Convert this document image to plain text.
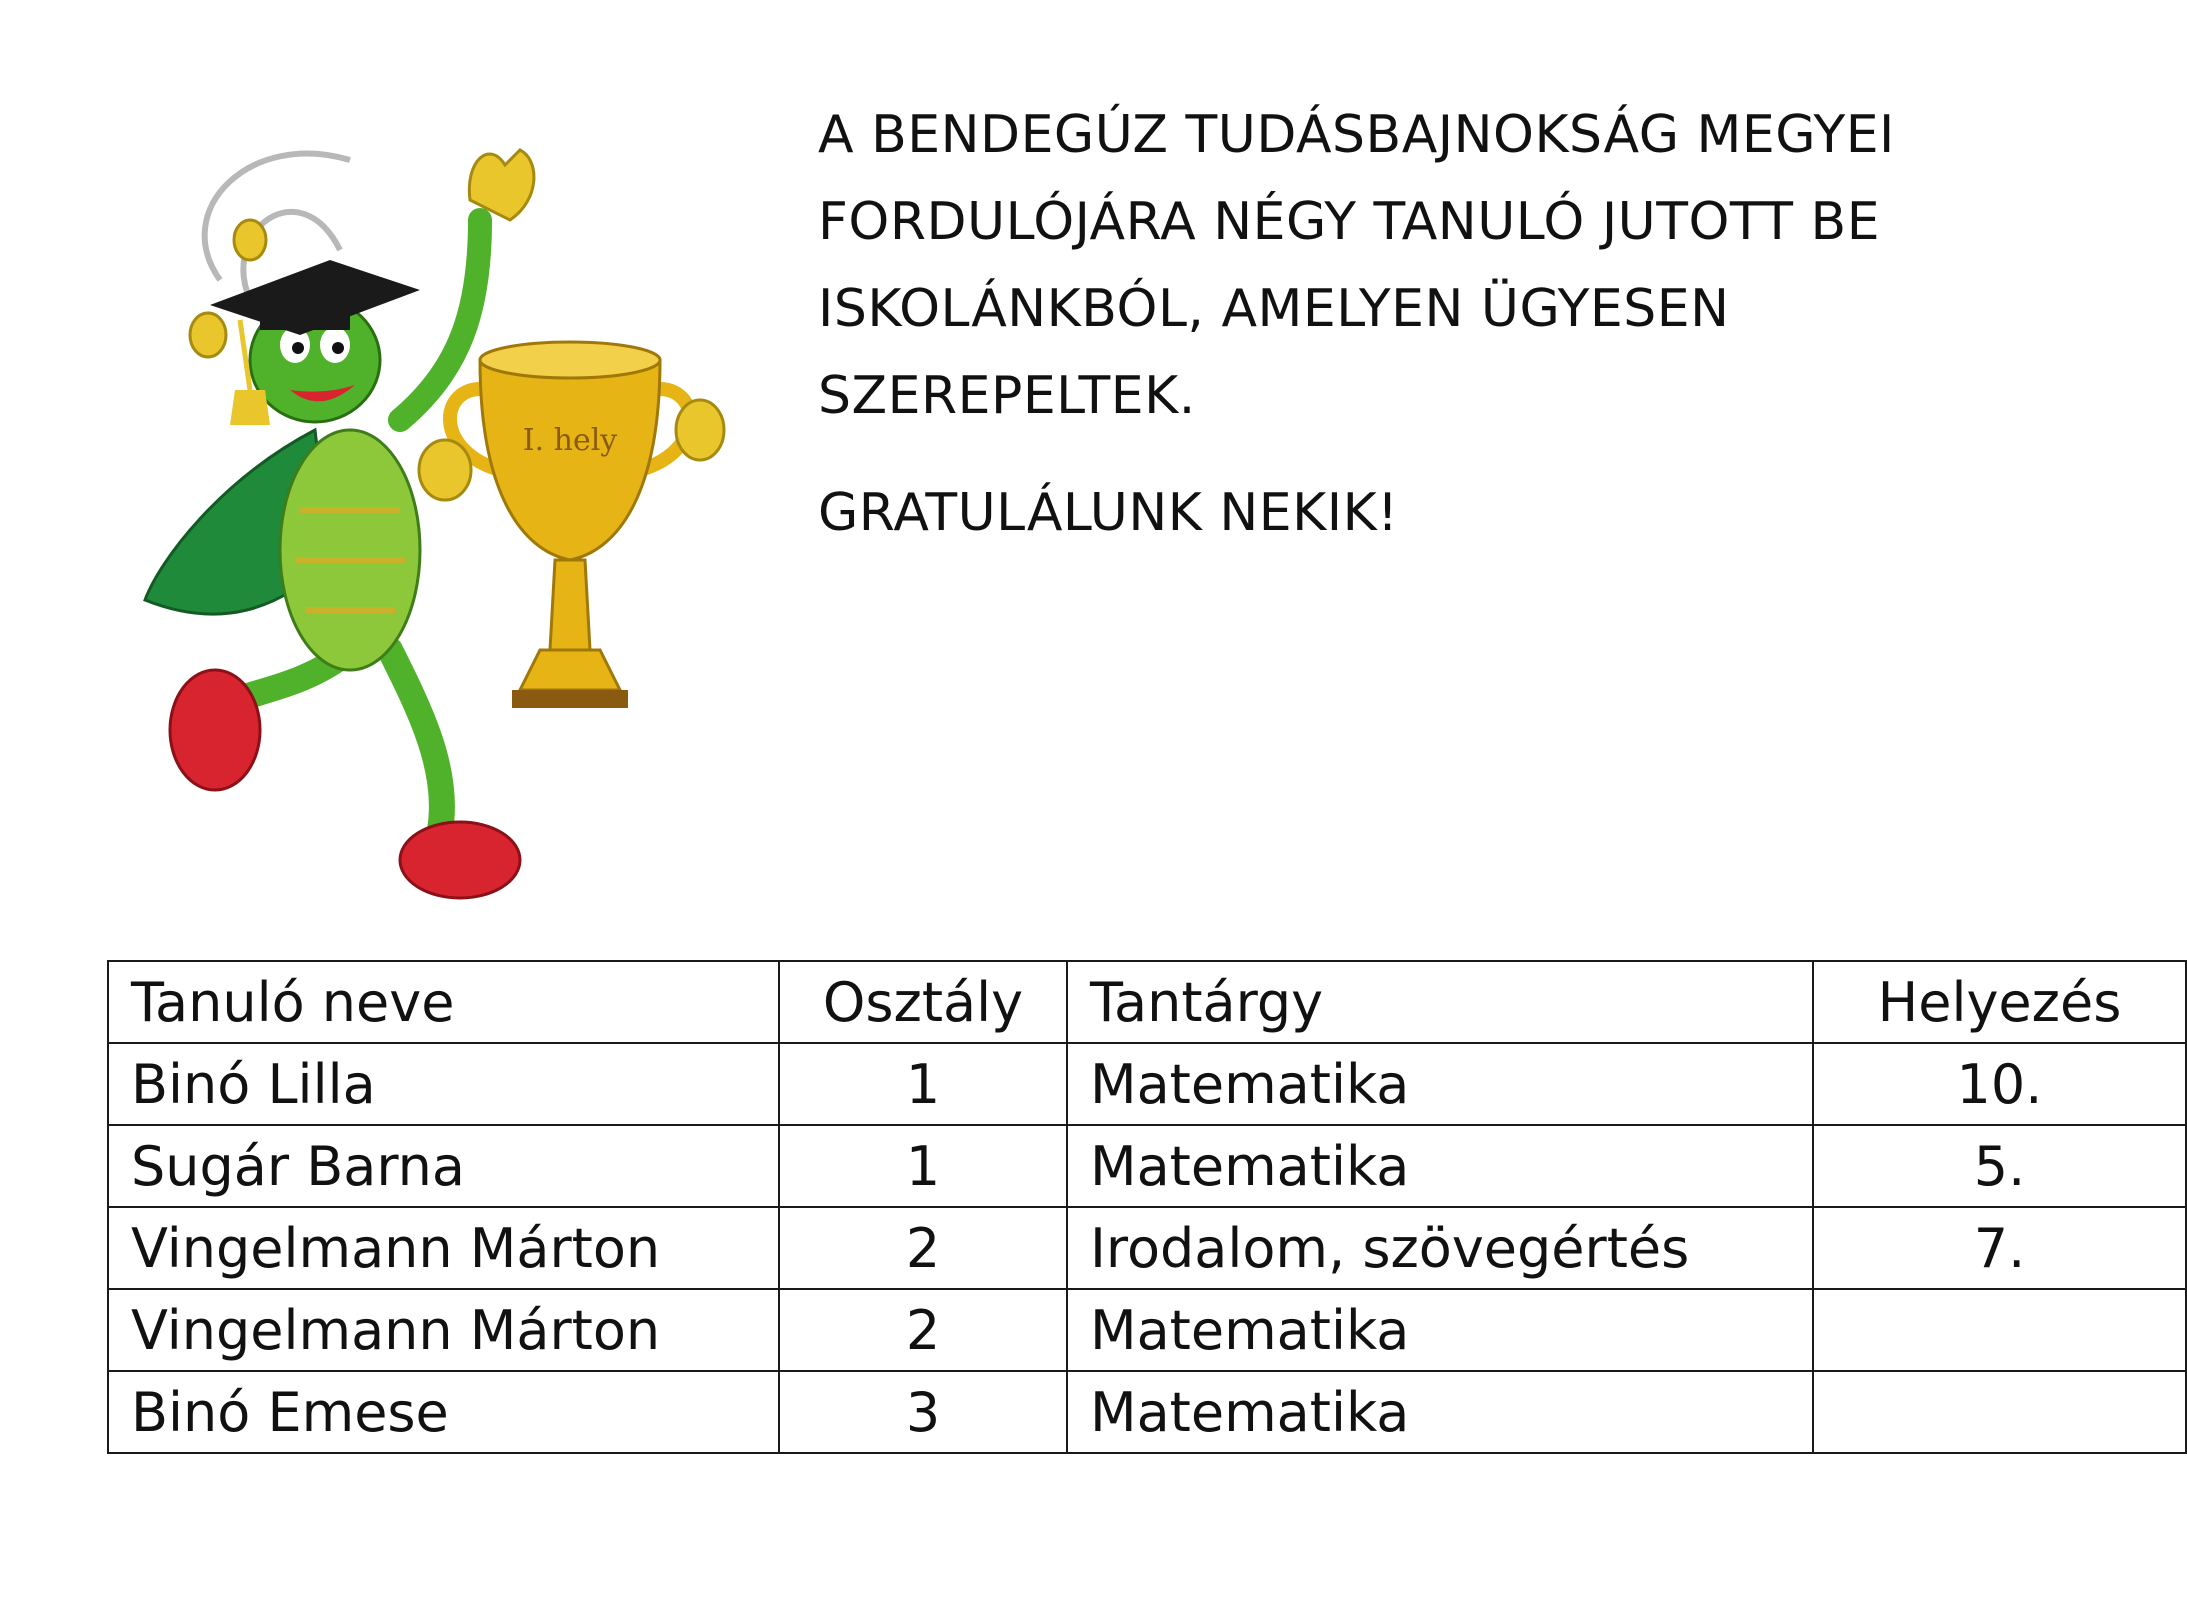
I. hely

A BENDEGÚZ TUDÁSBAJNOKSÁG MEGYEI

FORDULÓJÁRA NÉGY TANULÓ JUTOTT BE

ISKOLÁNKBÓL, AMELYEN ÜGYESEN

SZEREPELTEK.

GRATULÁLUNK NEKIK!

Tanuló neve	Osztály	Tantárgy	Helyezés
Binó Lilla	1	Matematika	10.
Sugár Barna	1	Matematika	5.
Vingelmann Márton	2	Irodalom, szövegértés	7.
Vingelmann Márton	2	Matematika	
Binó Emese	3	Matematika	
